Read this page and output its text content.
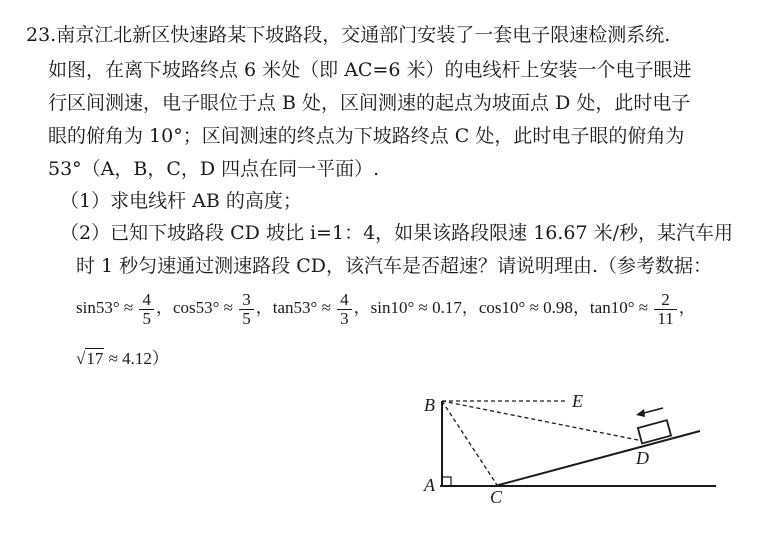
23.南京江北新区快速路某下坡路段，交通部门安装了一套电子限速检测系统.
如图，在离下坡路终点 6 米处（即 AC=6 米）的电线杆上安装一个电子眼进
行区间测速，电子眼位于点 B 处，区间测速的起点为坡面点 D 处，此时电子
眼的俯角为 10°；区间测速的终点为下坡路终点 C 处，此时电子眼的俯角为
53°（A，B，C，D 四点在同一平面）.
（1）求电线杆 AB 的高度；
（2）已知下坡路段 CD 坡比 i=1：4，如果该路段限速 16.67 米/秒，某汽车用
时 1 秒匀速通过测速路段 CD，该汽车是否超速？请说明理由.（参考数据：
$\sin 53^\circ \approx \frac{4}{5}$ ，$\cos 53^\circ \approx \frac{3}{5}$ ，$\tan 53^\circ \approx \frac{4}{3}$ ，sin10° ≈ 0.17，cos10° ≈ 0.98，$\tan 10^\circ \approx \frac{2}{11}$ ，
√17 ≈ 4.12）
B	E
A
C
D
